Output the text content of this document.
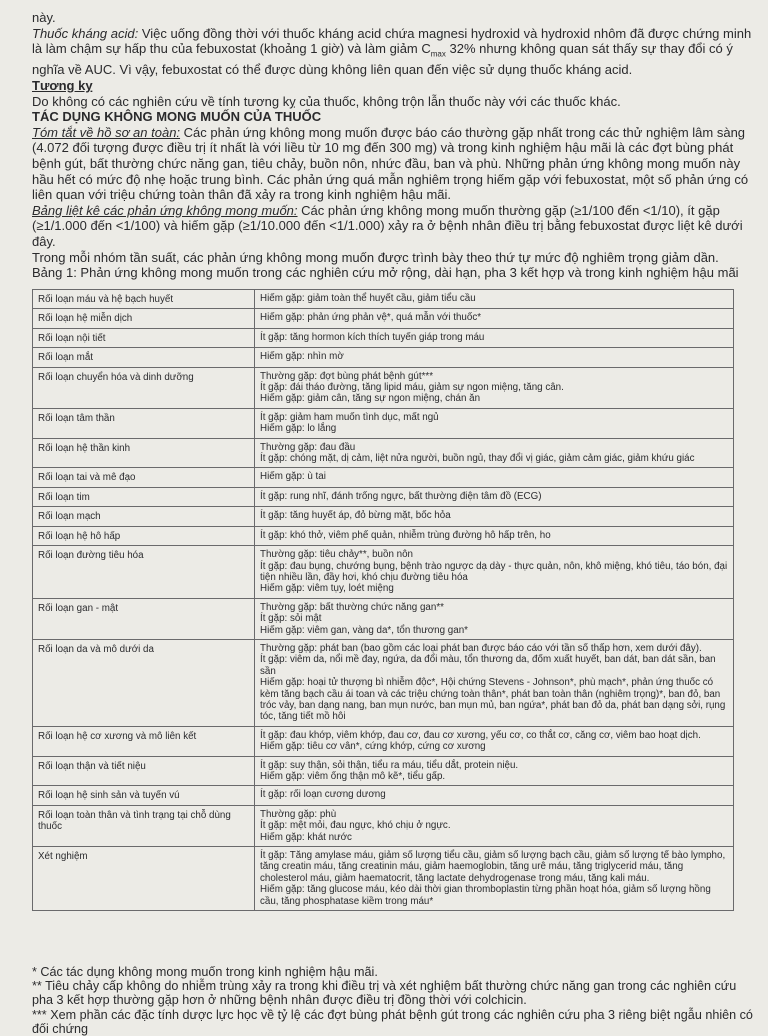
này.

Thuốc kháng acid: Việc uống đồng thời với thuốc kháng acid chứa magnesi hydroxid và hydroxid nhôm đã được chứng minh là làm chậm sự hấp thu của febuxostat (khoảng 1 giờ) và làm giảm $C_{max}$ 32% nhưng không quan sát thấy sự thay đổi có ý nghĩa về AUC. Vì vậy, febuxostat có thể được dùng không liên quan đến việc sử dụng thuốc kháng acid.

Tương kỵ

Do không có các nghiên cứu về tính tương kỵ của thuốc, không trộn lẫn thuốc này với các thuốc khác.

TÁC DỤNG KHÔNG MONG MUỐN CỦA THUỐC

Tóm tắt về hồ sơ an toàn: Các phản ứng không mong muốn được báo cáo thường gặp nhất trong các thử nghiệm lâm sàng (4.072 đối tượng được điều trị ít nhất là với liều từ 10 mg đến 300 mg) và trong kinh nghiệm hậu mãi là các đợt bùng phát bệnh gút, bất thường chức năng gan, tiêu chảy, buồn nôn, nhức đầu, ban và phù. Những phản ứng không mong muốn này hầu hết có mức độ nhẹ hoặc trung bình. Các phản ứng quá mẫn nghiêm trọng hiếm gặp với febuxostat, một số phản ứng có liên quan với triệu chứng toàn thân đã xảy ra trong kinh nghiệm hậu mãi.

Bảng liệt kê các phản ứng không mong muốn: Các phản ứng không mong muốn thường gặp (≥1/100 đến <1/10), ít gặp (≥1/1.000 đến <1/100) và hiếm gặp (≥1/10.000 đến <1/1.000) xảy ra ở bệnh nhân điều trị bằng febuxostat được liệt kê dưới đây.

Trong mỗi nhóm tần suất, các phản ứng không mong muốn được trình bày theo thứ tự mức độ nghiêm trọng giảm dần.

Bảng 1: Phản ứng không mong muốn trong các nghiên cứu mở rộng, dài hạn, pha 3 kết hợp và trong kinh nghiệm hậu mãi

Rối loạn máu và hệ bạch huyết	Hiếm gặp: giảm toàn thể huyết cầu, giảm tiểu cầu

Rối loạn hệ miễn dịch	Hiếm gặp: phản ứng phản vệ*, quá mẫn với thuốc*

Rối loạn nội tiết	Ít gặp: tăng hormon kích thích tuyến giáp trong máu

Rối loạn mắt	Hiếm gặp: nhìn mờ

Rối loạn chuyển hóa và dinh dưỡng	Thường gặp: đợt bùng phát bệnh gút***
Ít gặp: đái tháo đường, tăng lipid máu, giảm sự ngon miệng, tăng cân.
Hiếm gặp: giảm cân, tăng sự ngon miệng, chán ăn

Rối loạn tâm thần	Ít gặp: giảm ham muốn tình dục, mất ngủ
Hiếm gặp: lo lắng

Rối loạn hệ thần kinh	Thường gặp: đau đầu
Ít gặp: chóng mặt, dị cảm, liệt nửa người, buồn ngủ, thay đổi vị giác, giảm cảm giác, giảm khứu giác

Rối loạn tai và mê đạo	Hiếm gặp: ù tai

Rối loạn tim	Ít gặp: rung nhĩ, đánh trống ngực, bất thường điện tâm đồ (ECG)

Rối loạn mạch	Ít gặp: tăng huyết áp, đỏ bừng mặt, bốc hỏa

Rối loạn hệ hô hấp	Ít gặp: khó thở, viêm phế quản, nhiễm trùng đường hô hấp trên, ho

Rối loạn đường tiêu hóa	Thường gặp: tiêu chảy**, buồn nôn
Ít gặp: đau bụng, chướng bụng, bệnh trào ngược dạ dày - thực quản, nôn, khô miệng, khó tiêu, táo bón, đại tiện nhiều lần, đầy hơi, khó chịu đường tiêu hóa
Hiếm gặp: viêm tụy, loét miệng

Rối loạn gan - mật	Thường gặp: bất thường chức năng gan**
Ít gặp: sỏi mật
Hiếm gặp: viêm gan, vàng da*, tổn thương gan*

Rối loạn da và mô dưới da	Thường gặp: phát ban (bao gồm các loại phát ban được báo cáo với tần số thấp hơn, xem dưới đây).
Ít gặp: viêm da, nổi mề đay, ngứa, da đổi màu, tổn thương da, đốm xuất huyết, ban dát, ban dát sần, ban sần
Hiếm gặp: hoại tử thượng bì nhiễm độc*, Hội chứng Stevens - Johnson*, phù mạch*, phản ứng thuốc có kèm tăng bạch cầu ái toan và các triệu chứng toàn thân*, phát ban toàn thân (nghiêm trọng)*, ban đỏ, ban tróc vảy, ban dạng nang, ban mụn nước, ban mụn mủ, ban ngứa*, phát ban đỏ da, phát ban dạng sởi, rụng tóc, tăng tiết mồ hôi

Rối loạn hệ cơ xương và mô liên kết	Ít gặp: đau khớp, viêm khớp, đau cơ, đau cơ xương, yếu cơ, co thắt cơ, căng cơ, viêm bao hoạt dịch.
Hiếm gặp: tiêu cơ vân*, cứng khớp, cứng cơ xương

Rối loạn thận và tiết niệu	Ít gặp: suy thận, sỏi thận, tiểu ra máu, tiểu dắt, protein niệu.
Hiếm gặp: viêm ống thận mô kẽ*, tiểu gấp.

Rối loạn hệ sinh sản và tuyến vú	Ít gặp: rối loạn cương dương

Rối loạn toàn thân và tình trạng tại chỗ dùng thuốc	Thường gặp: phù
Ít gặp: mệt mỏi, đau ngực, khó chịu ở ngực.
Hiếm gặp: khát nước

Xét nghiệm	Ít gặp: Tăng amylase máu, giảm số lượng tiểu cầu, giảm số lượng bạch cầu, giảm số lượng tế bào lympho, tăng creatin máu, tăng creatinin máu, giảm haemoglobin, tăng urê máu, tăng triglycerid máu, tăng cholesterol máu, giảm haematocrit, tăng lactate dehydrogenase trong máu, tăng kali máu.
Hiếm gặp: tăng glucose máu, kéo dài thời gian thromboplastin từng phần hoạt hóa, giảm số lượng hồng cầu, tăng phosphatase kiềm trong máu*

* Các tác dụng không mong muốn trong kinh nghiệm hậu mãi.

** Tiêu chảy cấp không do nhiễm trùng xảy ra trong khi điều trị và xét nghiệm bất thường chức năng gan trong các nghiên cứu pha 3 kết hợp thường gặp hơn ở những bệnh nhân được điều trị đồng thời với colchicin.

*** Xem phần các đặc tính dược lực học về tỷ lệ các đợt bùng phát bệnh gút trong các nghiên cứu pha 3 riêng biệt ngẫu nhiên có đối chứng
